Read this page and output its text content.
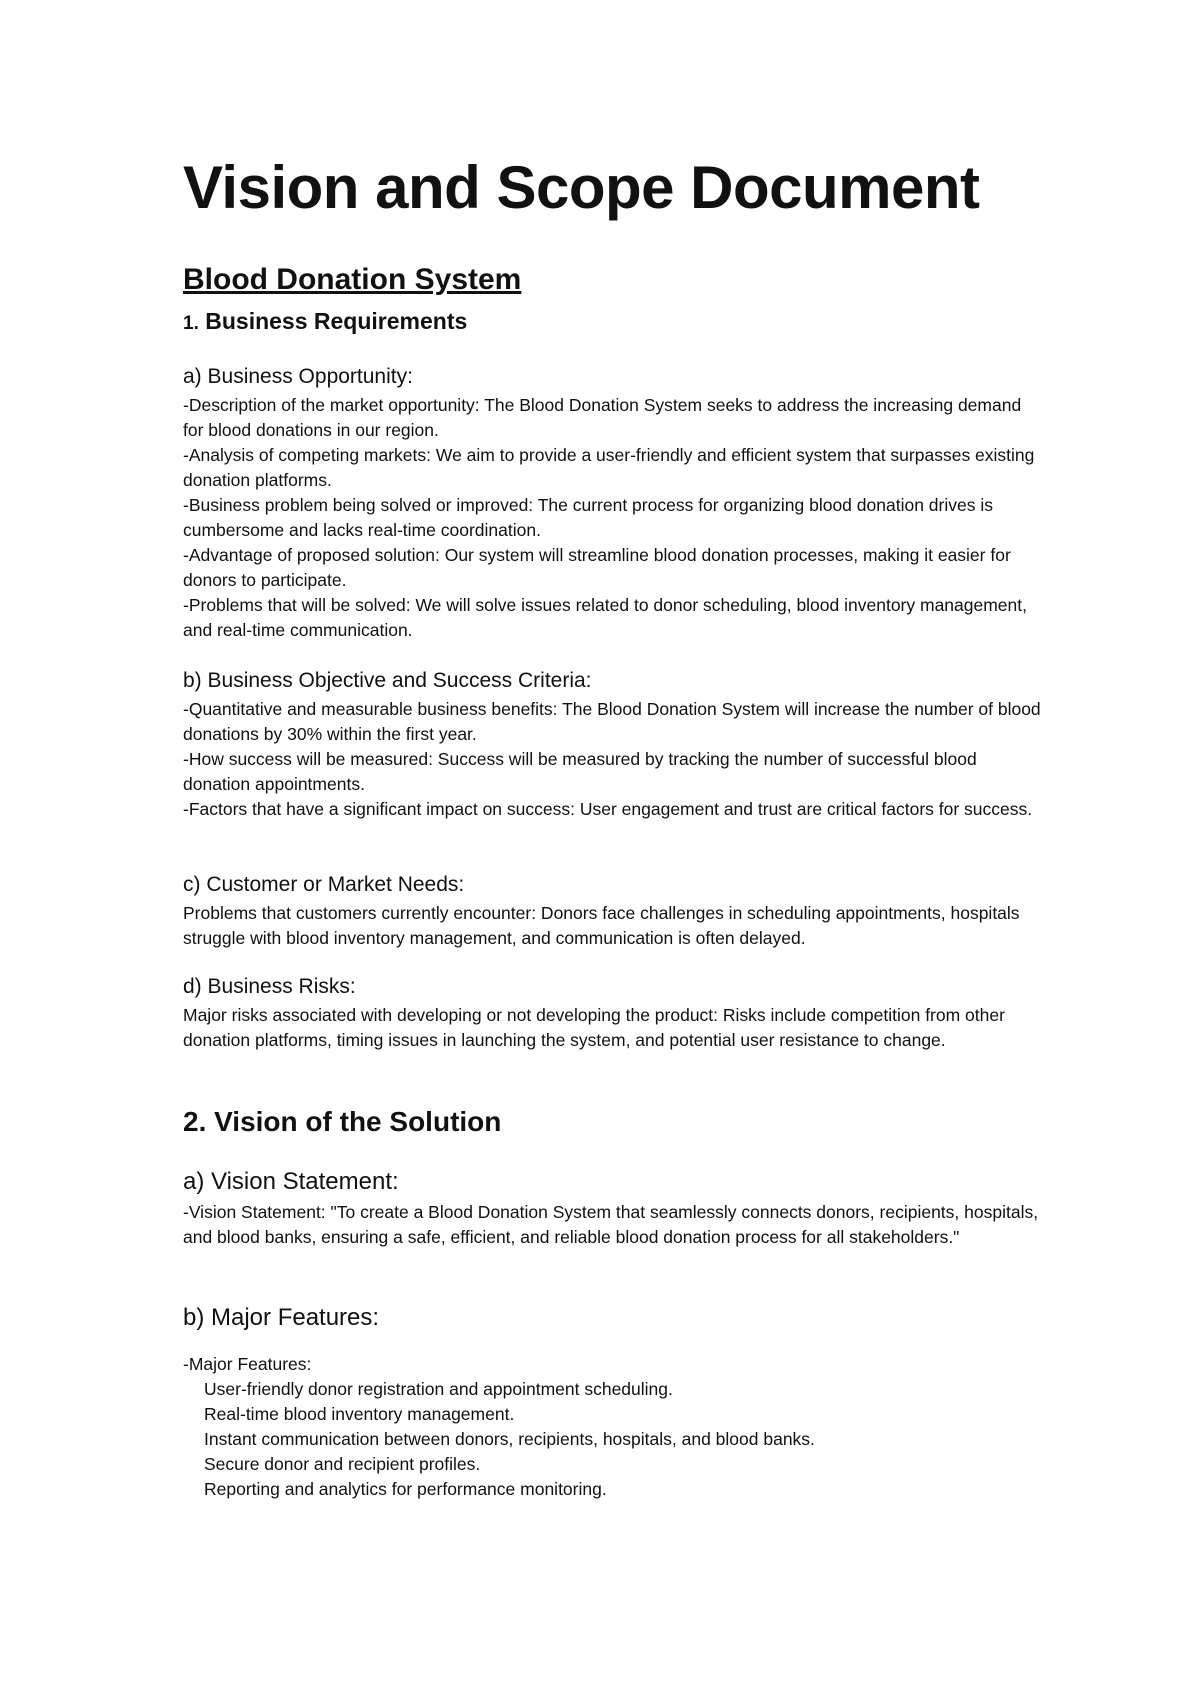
Vision and Scope Document
Blood Donation System
1. Business Requirements

a) Business Opportunity:

-Description of the market opportunity: The Blood Donation System seeks to address the increasing demand for blood donations in our region.

-Analysis of competing markets: We aim to provide a user-friendly and efficient system that surpasses existing donation platforms.

-Business problem being solved or improved: The current process for organizing blood donation drives is cumbersome and lacks real-time coordination.

-Advantage of proposed solution: Our system will streamline blood donation processes, making it easier for donors to participate.

-Problems that will be solved: We will solve issues related to donor scheduling, blood inventory management, and real-time communication.

b) Business Objective and Success Criteria:

-Quantitative and measurable business benefits: The Blood Donation System will increase the number of blood donations by 30% within the first year.

-How success will be measured: Success will be measured by tracking the number of successful blood donation appointments.

-Factors that have a significant impact on success: User engagement and trust are critical factors for success.

c) Customer or Market Needs:

Problems that customers currently encounter: Donors face challenges in scheduling appointments, hospitals struggle with blood inventory management, and communication is often delayed.

d) Business Risks:

Major risks associated with developing or not developing the product: Risks include competition from other donation platforms, timing issues in launching the system, and potential user resistance to change.

2. Vision of the Solution

a) Vision Statement:

-Vision Statement: "To create a Blood Donation System that seamlessly connects donors, recipients, hospitals, and blood banks, ensuring a safe, efficient, and reliable blood donation process for all stakeholders."

b) Major Features:

-Major Features:

User-friendly donor registration and appointment scheduling.
Real-time blood inventory management.
Instant communication between donors, recipients, hospitals, and blood banks.
Secure donor and recipient profiles.
Reporting and analytics for performance monitoring.
